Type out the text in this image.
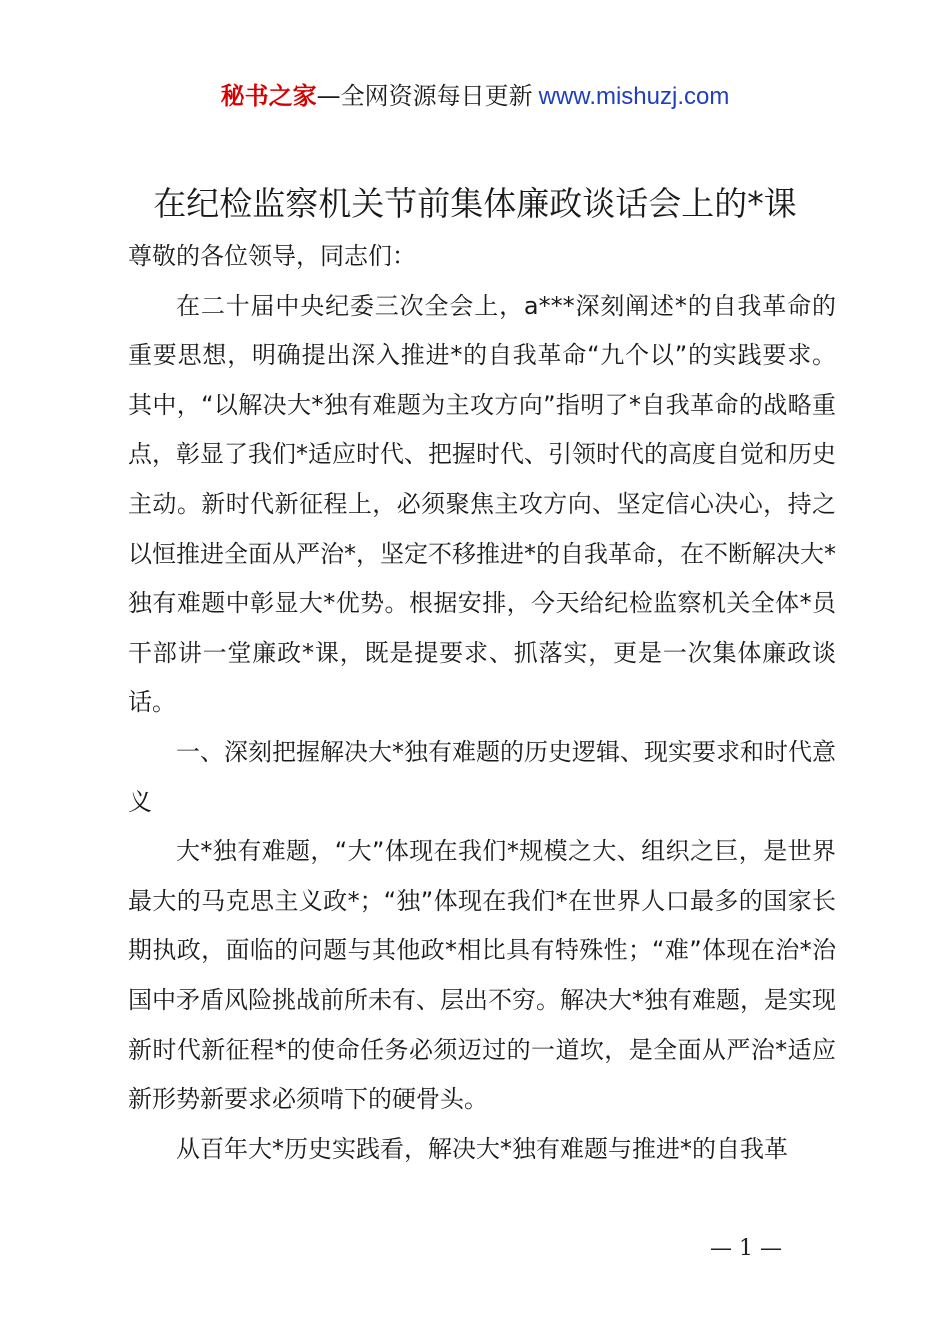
秘书之家—全网资源每日更新 www.mishuzj.com
在纪检监察机关节前集体廉政谈话会上的*课

尊敬的各位领导，同志们：

在二十届中央纪委三次全会上，a***深刻阐述*的自我革命的重要思想，明确提出深入推进*的自我革命“九个以”的实践要求。其中，“以解决大*独有难题为主攻方向”指明了*自我革命的战略重点，彰显了我们*适应时代、把握时代、引领时代的高度自觉和历史主动。新时代新征程上，必须聚焦主攻方向、坚定信心决心，持之以恒推进全面从严治*，坚定不移推进*的自我革命，在不断解决大*独有难题中彰显大*优势。根据安排，今天给纪检监察机关全体*员干部讲一堂廉政*课，既是提要求、抓落实，更是一次集体廉政谈话。

一、深刻把握解决大*独有难题的历史逻辑、现实要求和时代意义

大*独有难题，“大”体现在我们*规模之大、组织之巨，是世界最大的马克思主义政*；“独”体现在我们*在世界人口最多的国家长期执政，面临的问题与其他政*相比具有特殊性；“难”体现在治*治国中矛盾风险挑战前所未有、层出不穷。解决大*独有难题，是实现新时代新征程*的使命任务必须迈过的一道坎，是全面从严治*适应新形势新要求必须啃下的硬骨头。

从百年大*历史实践看，解决大*独有难题与推进*的自我革

— 1 —
